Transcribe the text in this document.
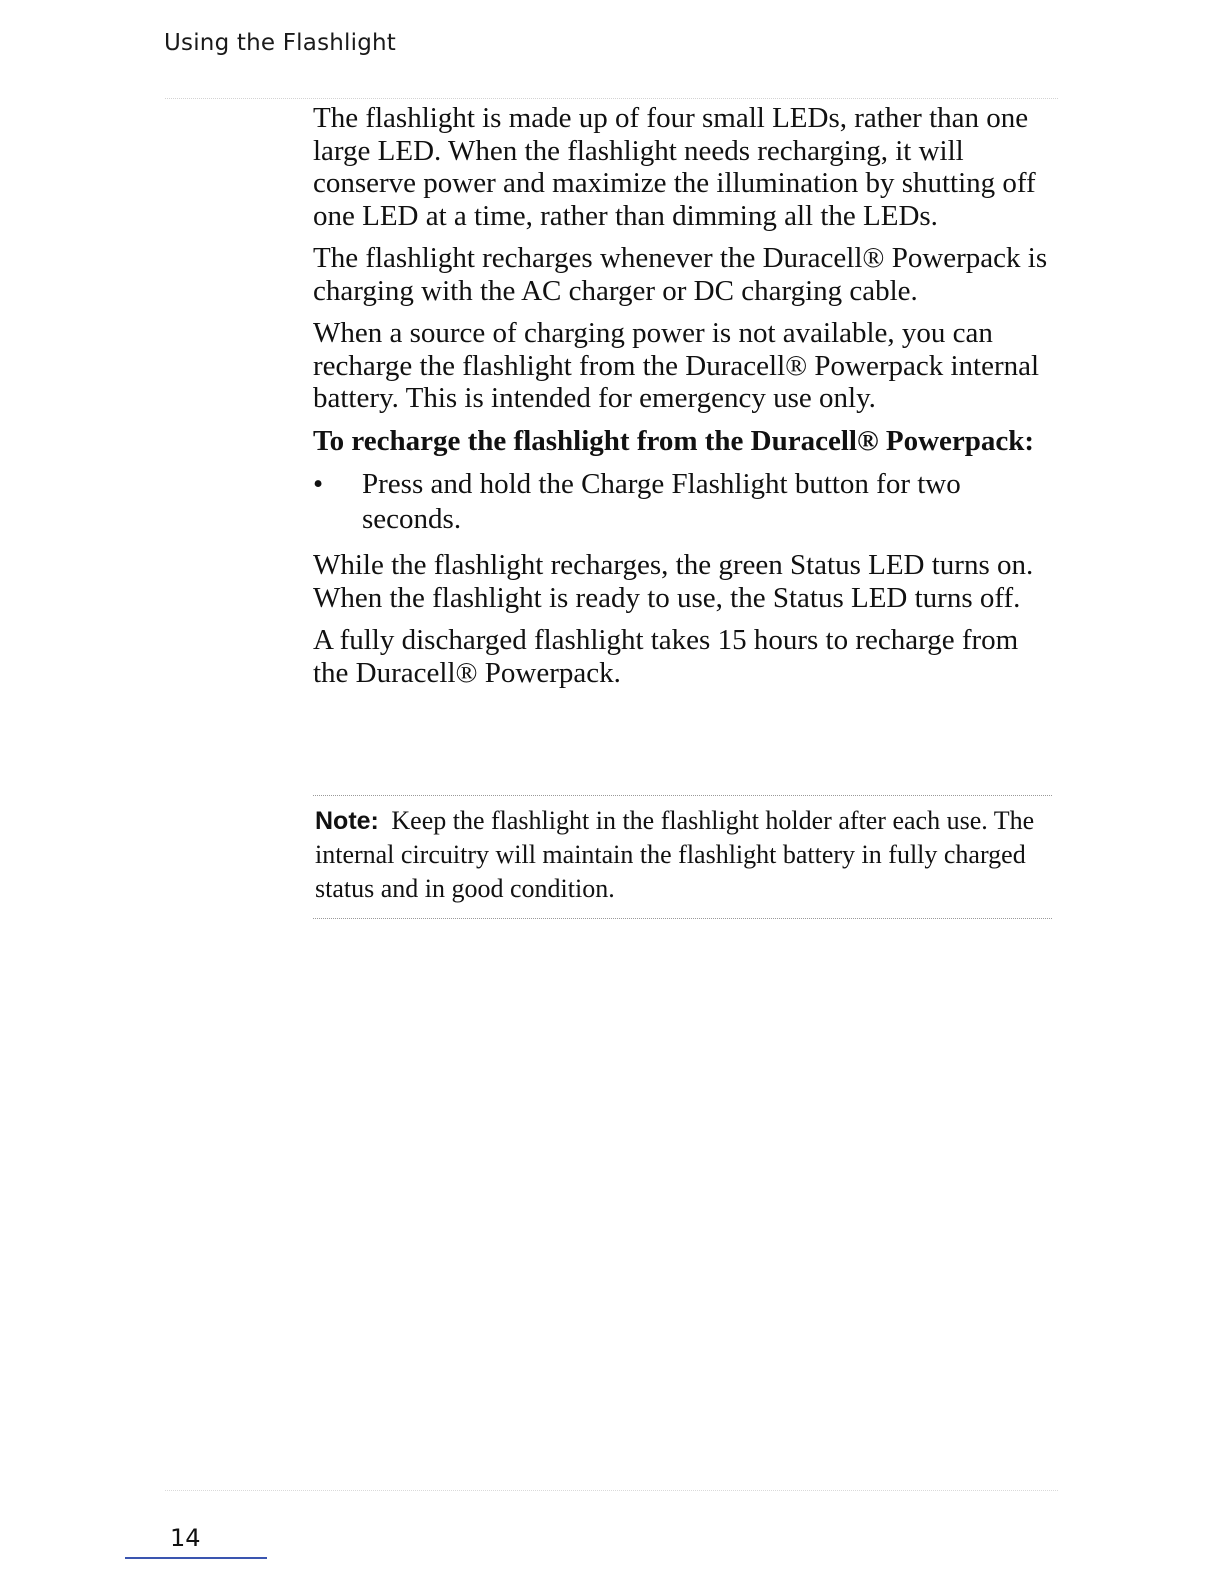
Using the Flashlight

The flashlight is made up of four small LEDs, rather than one large LED. When the flashlight needs recharging, it will conserve power and maximize the illumination by shutting off one LED at a time, rather than dimming all the LEDs.

The flashlight recharges whenever the Duracell® Powerpack is charging with the AC charger or DC charging cable.

When a source of charging power is not available, you can recharge the flashlight from the Duracell® Powerpack internal battery. This is intended for emergency use only.

To recharge the flashlight from the Duracell® Powerpack:

• Press and hold the Charge Flashlight button for two seconds.

While the flashlight recharges, the green Status LED turns on. When the flashlight is ready to use, the Status LED turns off.

A fully discharged flashlight takes 15 hours to recharge from the Duracell® Powerpack.

Note: Keep the flashlight in the flashlight holder after each use. The internal circuitry will maintain the flashlight battery in fully charged status and in good condition.
14
